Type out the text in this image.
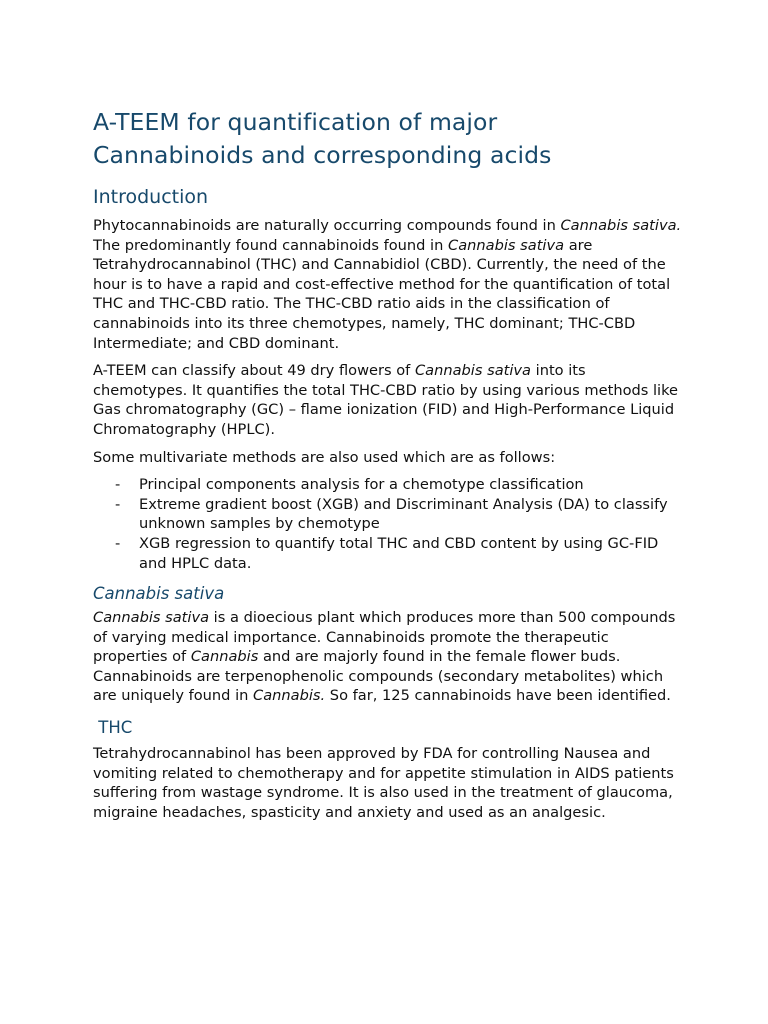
A-TEEM for quantification of major
Cannabinoids and corresponding acids
Introduction

Phytocannabinoids are naturally occurring compounds found in Cannabis sativa. The predominantly found cannabinoids found in Cannabis sativa are Tetrahydrocannabinol (THC) and Cannabidiol (CBD). Currently, the need of the hour is to have a rapid and cost-effective method for the quantification of total THC and THC-CBD ratio. The THC-CBD ratio aids in the classification of cannabinoids into its three chemotypes, namely, THC dominant; THC-CBD Intermediate; and CBD dominant.

A-TEEM can classify about 49 dry flowers of Cannabis sativa into its chemotypes. It quantifies the total THC-CBD ratio by using various methods like Gas chromatography (GC) – flame ionization (FID) and High-Performance Liquid Chromatography (HPLC).

Some multivariate methods are also used which are as follows:

- Principal components analysis for a chemotype classification
- Extreme gradient boost (XGB) and Discriminant Analysis (DA) to classify unknown samples by chemotype
- XGB regression to quantify total THC and CBD content by using GC-FID and HPLC data.
Cannabis sativa

Cannabis sativa is a dioecious plant which produces more than 500 compounds of varying medical importance. Cannabinoids promote the therapeutic properties of Cannabis and are majorly found in the female flower buds. Cannabinoids are terpenophenolic compounds (secondary metabolites) which are uniquely found in Cannabis. So far, 125 cannabinoids have been identified.

THC

Tetrahydrocannabinol has been approved by FDA for controlling Nausea and vomiting related to chemotherapy and for appetite stimulation in AIDS patients suffering from wastage syndrome. It is also used in the treatment of glaucoma, migraine headaches, spasticity and anxiety and used as an analgesic.
